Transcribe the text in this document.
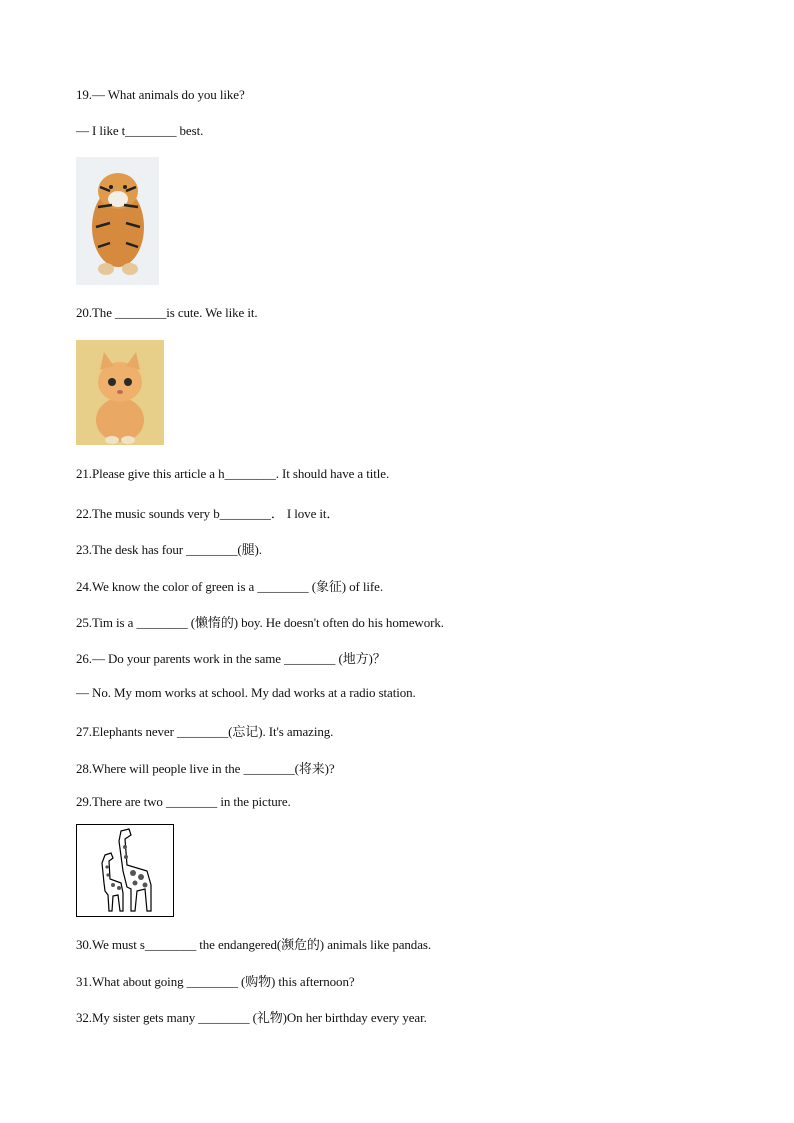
19.— What animals do you like?
— I like t________ best.
20.The ________is cute. We like it.
21.Please give this article a h________. It should have a title.
22.The music sounds very b________． I love it．
23.The desk has four ________(腿).
24.We know the color of green is a ________ (象征) of life.
25.Tim is a ________ (懒惰的) boy. He doesn't often do his homework.
26.— Do your parents work in the same ________ (地方)？
— No. My mom works at school. My dad works at a radio station.
27.Elephants never ________(忘记). It's amazing.
28.Where will people live in the ________(将来)?
29.There are two ________ in the picture.
30.We must s________ the endangered(濒危的) animals like pandas.
31.What about going ________ (购物) this afternoon?
32.My sister gets many ________ (礼物)On her birthday every year.
